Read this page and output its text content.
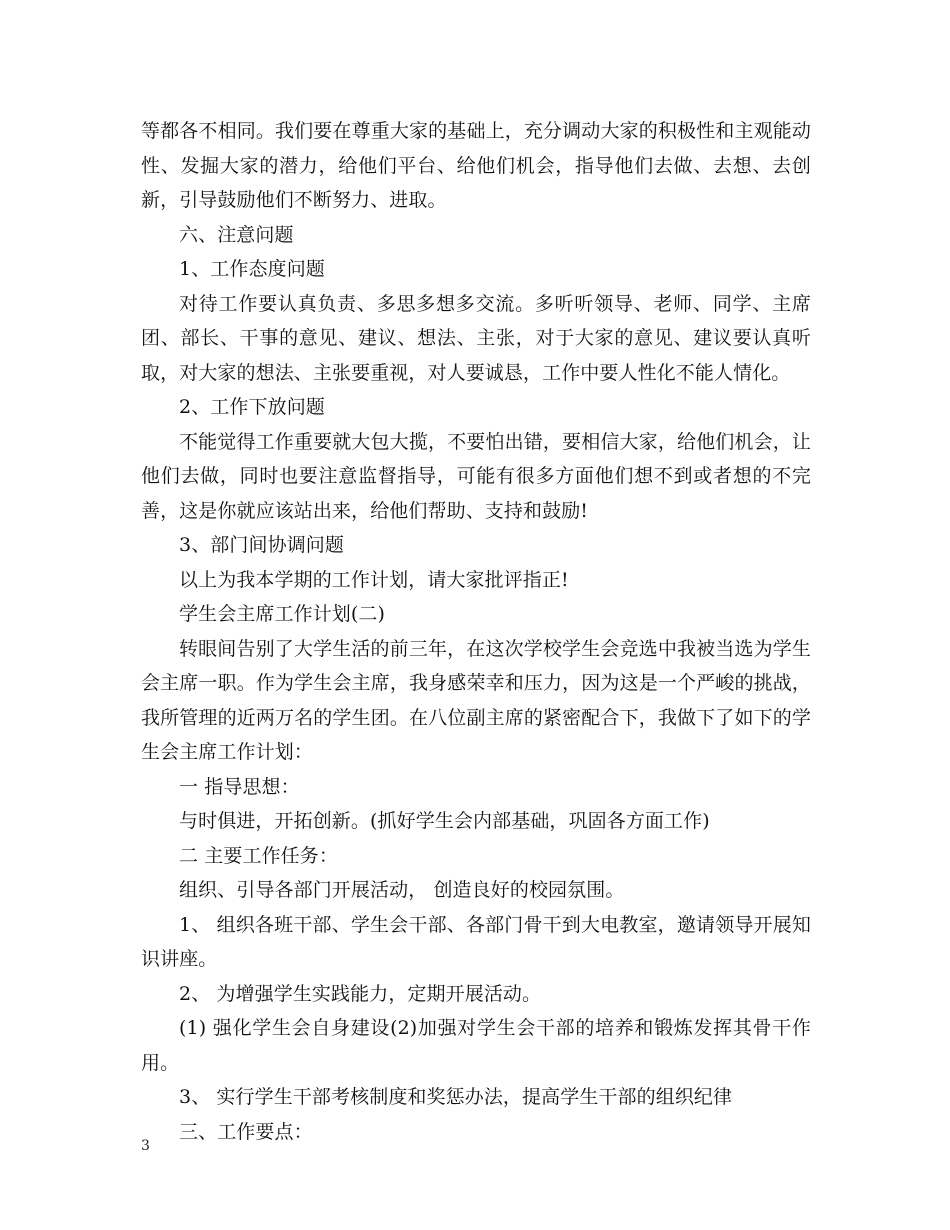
等都各不相同。我们要在尊重大家的基础上，充分调动大家的积极性和主观能动性、发掘大家的潜力，给他们平台、给他们机会，指导他们去做、去想、去创新，引导鼓励他们不断努力、进取。

六、注意问题

1、工作态度问题

对待工作要认真负责、多思多想多交流。多听听领导、老师、同学、主席团、部长、干事的意见、建议、想法、主张，对于大家的意见、建议要认真听取，对大家的想法、主张要重视，对人要诚恳，工作中要人性化不能人情化。

2、工作下放问题

不能觉得工作重要就大包大揽，不要怕出错，要相信大家，给他们机会，让他们去做，同时也要注意监督指导，可能有很多方面他们想不到或者想的不完善，这是你就应该站出来，给他们帮助、支持和鼓励!

3、部门间协调问题

以上为我本学期的工作计划，请大家批评指正!

学生会主席工作计划(二)

转眼间告别了大学生活的前三年，在这次学校学生会竞选中我被当选为学生会主席一职。作为学生会主席，我身感荣幸和压力，因为这是一个严峻的挑战，我所管理的近两万名的学生团。在八位副主席的紧密配合下，我做下了如下的学生会主席工作计划：

一 指导思想：

与时俱进，开拓创新。(抓好学生会内部基础，巩固各方面工作)

二 主要工作任务：

组织、引导各部门开展活动， 创造良好的校园氛围。

1、 组织各班干部、学生会干部、各部门骨干到大电教室，邀请领导开展知识讲座。

2、 为增强学生实践能力，定期开展活动。

(1) 强化学生会自身建设(2)加强对学生会干部的培养和锻炼发挥其骨干作用。

3、 实行学生干部考核制度和奖惩办法，提高学生干部的组织纪律

三、工作要点：

3
